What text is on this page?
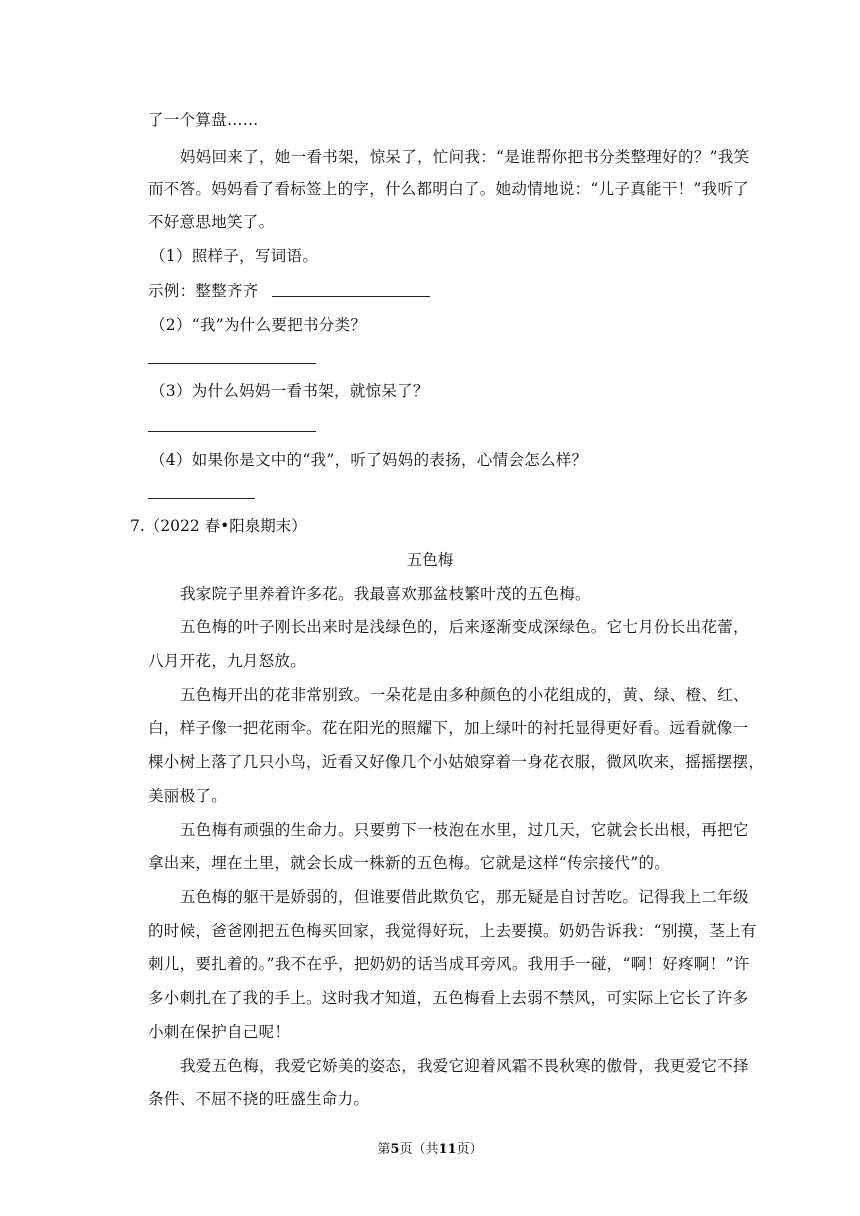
了一个算盘……
妈妈回来了，她一看书架，惊呆了，忙问我：“是谁帮你把书分类整理好的？”我笑
而不答。妈妈看了看标签上的字，什么都明白了。她动情地说：“儿子真能干！”我听了
不好意思地笑了。
（1）照样子，写词语。
示例：整整齐齐
（2）“我”为什么要把书分类？
（3）为什么妈妈一看书架，就惊呆了？
（4）如果你是文中的“我”，听了妈妈的表扬，心情会怎么样？
7.（2022 春•阳泉期末）
五色梅
我家院子里养着许多花。我最喜欢那盆枝繁叶茂的五色梅。
五色梅的叶子刚长出来时是浅绿色的，后来逐渐变成深绿色。它七月份长出花蕾，
八月开花，九月怒放。
五色梅开出的花非常别致。一朵花是由多种颜色的小花组成的，黄、绿、橙、红、
白，样子像一把花雨伞。花在阳光的照耀下，加上绿叶的衬托显得更好看。远看就像一
棵小树上落了几只小鸟，近看又好像几个小姑娘穿着一身花衣服，微风吹来，摇摇摆摆，
美丽极了。
五色梅有顽强的生命力。只要剪下一枝泡在水里，过几天，它就会长出根，再把它
拿出来，埋在土里，就会长成一株新的五色梅。它就是这样“传宗接代”的。
五色梅的躯干是娇弱的，但谁要借此欺负它，那无疑是自讨苦吃。记得我上二年级
的时候，爸爸刚把五色梅买回家，我觉得好玩，上去要摸。奶奶告诉我：“别摸，茎上有
刺儿，要扎着的。”我不在乎，把奶奶的话当成耳旁风。我用手一碰，“啊！好疼啊！”许
多小刺扎在了我的手上。这时我才知道，五色梅看上去弱不禁风，可实际上它长了许多
小刺在保护自己呢！
我爱五色梅，我爱它娇美的姿态，我爱它迎着风霜不畏秋寒的傲骨，我更爱它不择
条件、不屈不挠的旺盛生命力。
第5页（共11页）
